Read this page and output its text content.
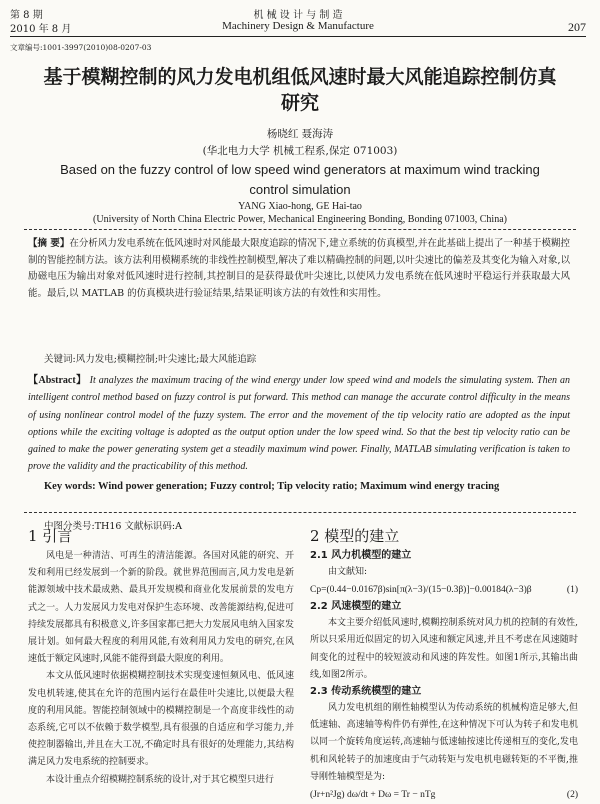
第 8 期
2010 年 8 月
机 械 设 计 与 制 造
Machinery Design & Manufacture	207
文章编号:1001-3997(2010)08-0207-03
基于模糊控制的风力发电机组低风速时最大风能追踪控制仿真研究
杨晓红 聂海涛
(华北电力大学 机械工程系,保定 071003)
Based on the fuzzy control of low speed wind generators at maximum wind tracking control simulation
YANG Xiao-hong, GE Hai-tao
(University of North China Electric Power, Mechanical Engineering Bonding, Bonding 071003, China)
【摘 要】在分析风力发电系统在低风速时对风能最大限度追踪的情况下,建立系统的仿真模型,并在此基础上提出了一种基于模糊控制的智能控制方法。该方法利用模糊系统的非线性控制模型,解决了难以精确控制的问题,以叶尖速比的偏差及其变化为输入对象,以励磁电压为输出对象对低风速时进行控制,其控制目的是获得最优叶尖速比,以使风力发电系统在低风速时平稳运行并获取最大风能。最后,以 MATLAB 的仿真模块进行验证结果,结果证明该方法的有效性和实用性。
关键词:风力发电;模糊控制;叶尖速比;最大风能追踪
【Abstract】 It analyzes the maximum tracing of the wind energy under low speed wind and models the simulating system. Then an intelligent control method based on fuzzy control is put forward. This method can manage the accurate control difficulty in the means of using nonlinear control model of the fuzzy system. The error and the movement of the tip velocity ratio are adopted as the input options while the exciting voltage is adopted as the output option under the low speed wind. So that the best tip velocity ratio can be gained to make the power generating system get a steadily maximum wind power. Finally, MATLAB simulating verification is taken to prove the validity and the practicability of this method.
Key words: Wind power generation; Fuzzy control; Tip velocity ratio; Maximum wind energy tracing
中图分类号:TH16 文献标识码:A
1 引言
风电是一种清洁、可再生的清洁能源。各国对风能的研究、开发和利用已经发展到一个新的阶段。就世界范围而言,风力发电是新能源领域中技术最成熟、最具开发规模和商业化发展前景的发电方式之一。人力发展风力发电对保护生态环境、改善能源结构,促进可持续发展都具有积极意义,许多国家都已把大力发展风电纳入国家发展计划。如何最大程度的利用风能,有效利用风力发电的研究,在风速低于额定风速时,风能不能得到最大限度的利用。
本文从低风速时依据模糊控制技术实现变速恒频风电、低风速发电机转速,使其在允许的范围内运行在最佳叶尖速比,以便最大程度的利用风能。智能控制领域中的模糊控制是一个高度非线性的动态系统,它可以不依赖于数学模型,具有很强的自适应和学习能力,并使控制器输出,并且在大工况,不确定时具有很好的处理能力,其结构满足风力发电系统的控制要求。
本设计重点介绍模糊控制系统的设计,对于其它模型只进行
2 模型的建立
2.1 风力机模型的建立
由文献知:
Cp=(0.44−0.0167β)sin[π(λ−3)/(15−0.3β)]−0.00184(λ−3)β	(1)
2.2 风速模型的建立
本文主要介绍低风速时,模糊控制系统对风力机的控制的有效性,所以只采用近似固定的切入风速和额定风速,并且不考虑在风速随时间变化的过程中的较短波动和风速的阵发性。如图1所示,其输出曲线,如图2所示。
2.3 传动系统模型的建立
风力发电机组的刚性轴模型认为传动系统的机械构造足够大,但低速轴、高速轴等构件仍有弹性,在这种情况下可认为转子和发电机以同一个旋转角度运转,高速轴与低速轴按速比传递相互的变化,发电机和风轮转子的加速度由于气动转矩与发电机电磁转矩的不平衡,推导刚性轴模型是为:
(Jr+n²Jg) dω/dt + Dω = Tr − nTg	(2)
